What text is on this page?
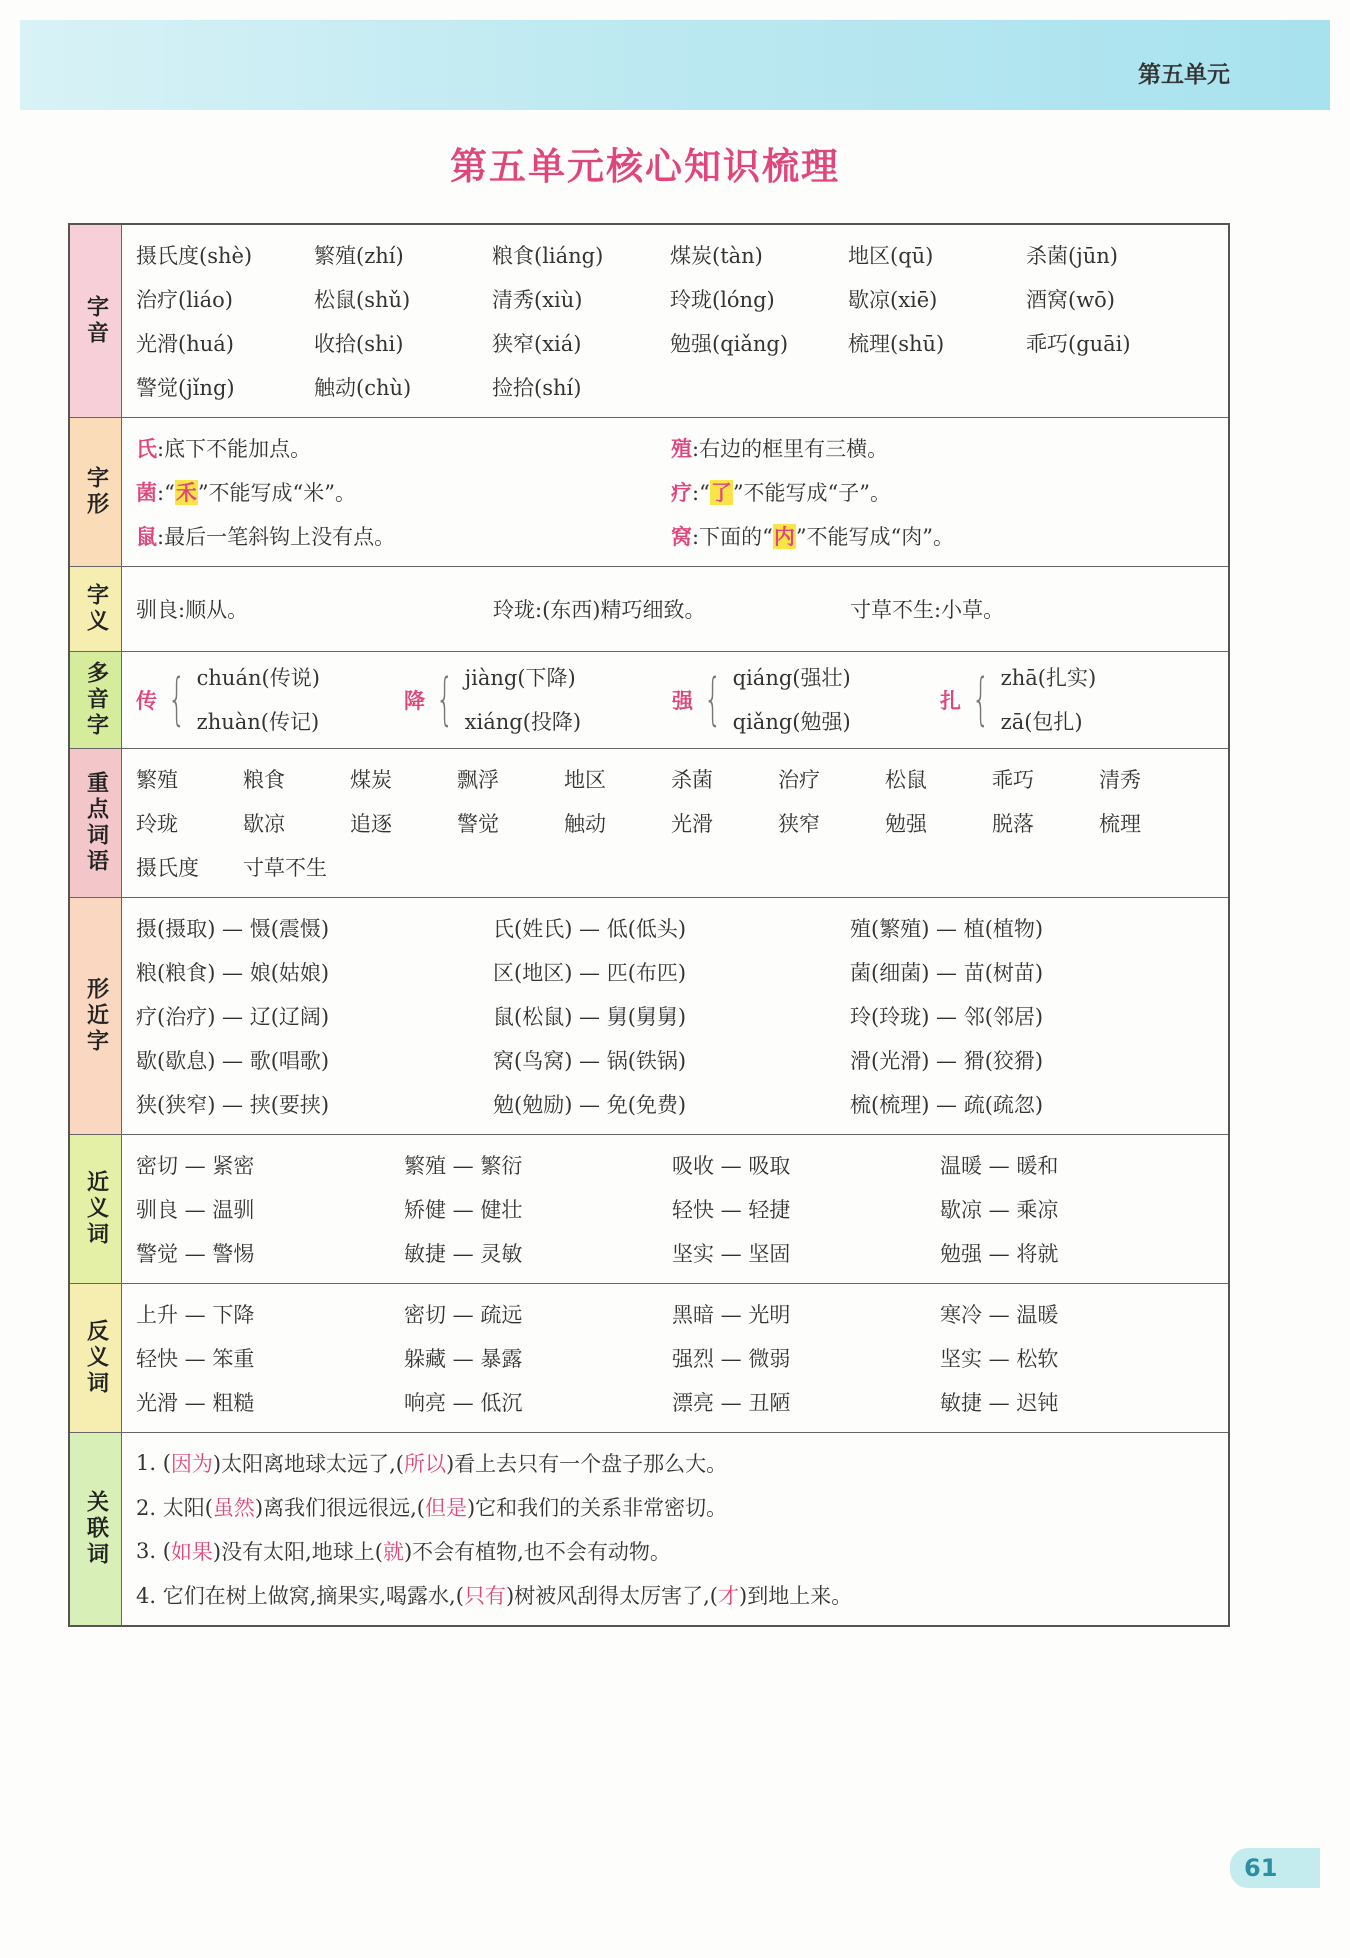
第五单元
第五单元核心知识梳理
字音
摄氏度(shè)	繁殖(zhí)	粮食(liáng)	煤炭(tàn)	地区(qū)	杀菌(jūn)
治疗(liáo)	松鼠(shǔ)	清秀(xiù)	玲珑(lóng)	歇凉(xiē)	酒窝(wō)
光滑(huá)	收拾(shi)	狭窄(xiá)	勉强(qiǎng)	梳理(shū)	乖巧(guāi)
警觉(jǐng)	触动(chù)	捡拾(shí)
字形
氏:底下不能加点。	殖:右边的框里有三横。
菌:“禾”不能写成“米”。	疗:“了”不能写成“子”。
鼠:最后一笔斜钩上没有点。	窝:下面的“内”不能写成“肉”。
字义 驯良:顺从。	玲珑:(东西)精巧细致。	寸草不生:小草。
多音字 传 { chuán(传说)
zhuàn(传记)
降 { jiàng(下降)
xiáng(投降)
强 { qiáng(强壮)
qiǎng(勉强)
扎 { zhā(扎实)
zā(包扎)
重点词语 繁殖	粮食	煤炭	飘浮	地区	杀菌	治疗	松鼠	乖巧	清秀
玲珑	歇凉	追逐	警觉	触动	光滑	狭窄	勉强	脱落	梳理
摄氏度	寸草不生
形近字
摄(摄取) — 慑(震慑)	氏(姓氏) — 低(低头)	殖(繁殖) — 植(植物)
粮(粮食) — 娘(姑娘)	区(地区) — 匹(布匹)	菌(细菌) — 苗(树苗)
疗(治疗) — 辽(辽阔)	鼠(松鼠) — 舅(舅舅)	玲(玲珑) — 邻(邻居)
歇(歇息) — 歌(唱歌)	窝(鸟窝) — 锅(铁锅)	滑(光滑) — 猾(狡猾)
狭(狭窄) — 挟(要挟)	勉(勉励) — 免(免费)	梳(梳理) — 疏(疏忽)
近义词
密切 — 紧密	繁殖 — 繁衍	吸收 — 吸取	温暖 — 暖和
驯良 — 温驯	矫健 — 健壮	轻快 — 轻捷	歇凉 — 乘凉
警觉 — 警惕	敏捷 — 灵敏	坚实 — 坚固	勉强 — 将就
反义词
上升 — 下降	密切 — 疏远	黑暗 — 光明	寒冷 — 温暖
轻快 — 笨重	躲藏 — 暴露	强烈 — 微弱	坚实 — 松软
光滑 — 粗糙	响亮 — 低沉	漂亮 — 丑陋	敏捷 — 迟钝
关联词
1. ( 因为 )太阳离地球太远了,( 所以 )看上去只有一个盘子那么大。
2. 太阳( 虽然 )离我们很远很远,( 但是 )它和我们的关系非常密切。
3. ( 如果 )没有太阳,地球上( 就 )不会有植物,也不会有动物。
4. 它们在树上做窝,摘果实,喝露水,( 只有 )树被风刮得太厉害了,( 才 )到地上来。
61
